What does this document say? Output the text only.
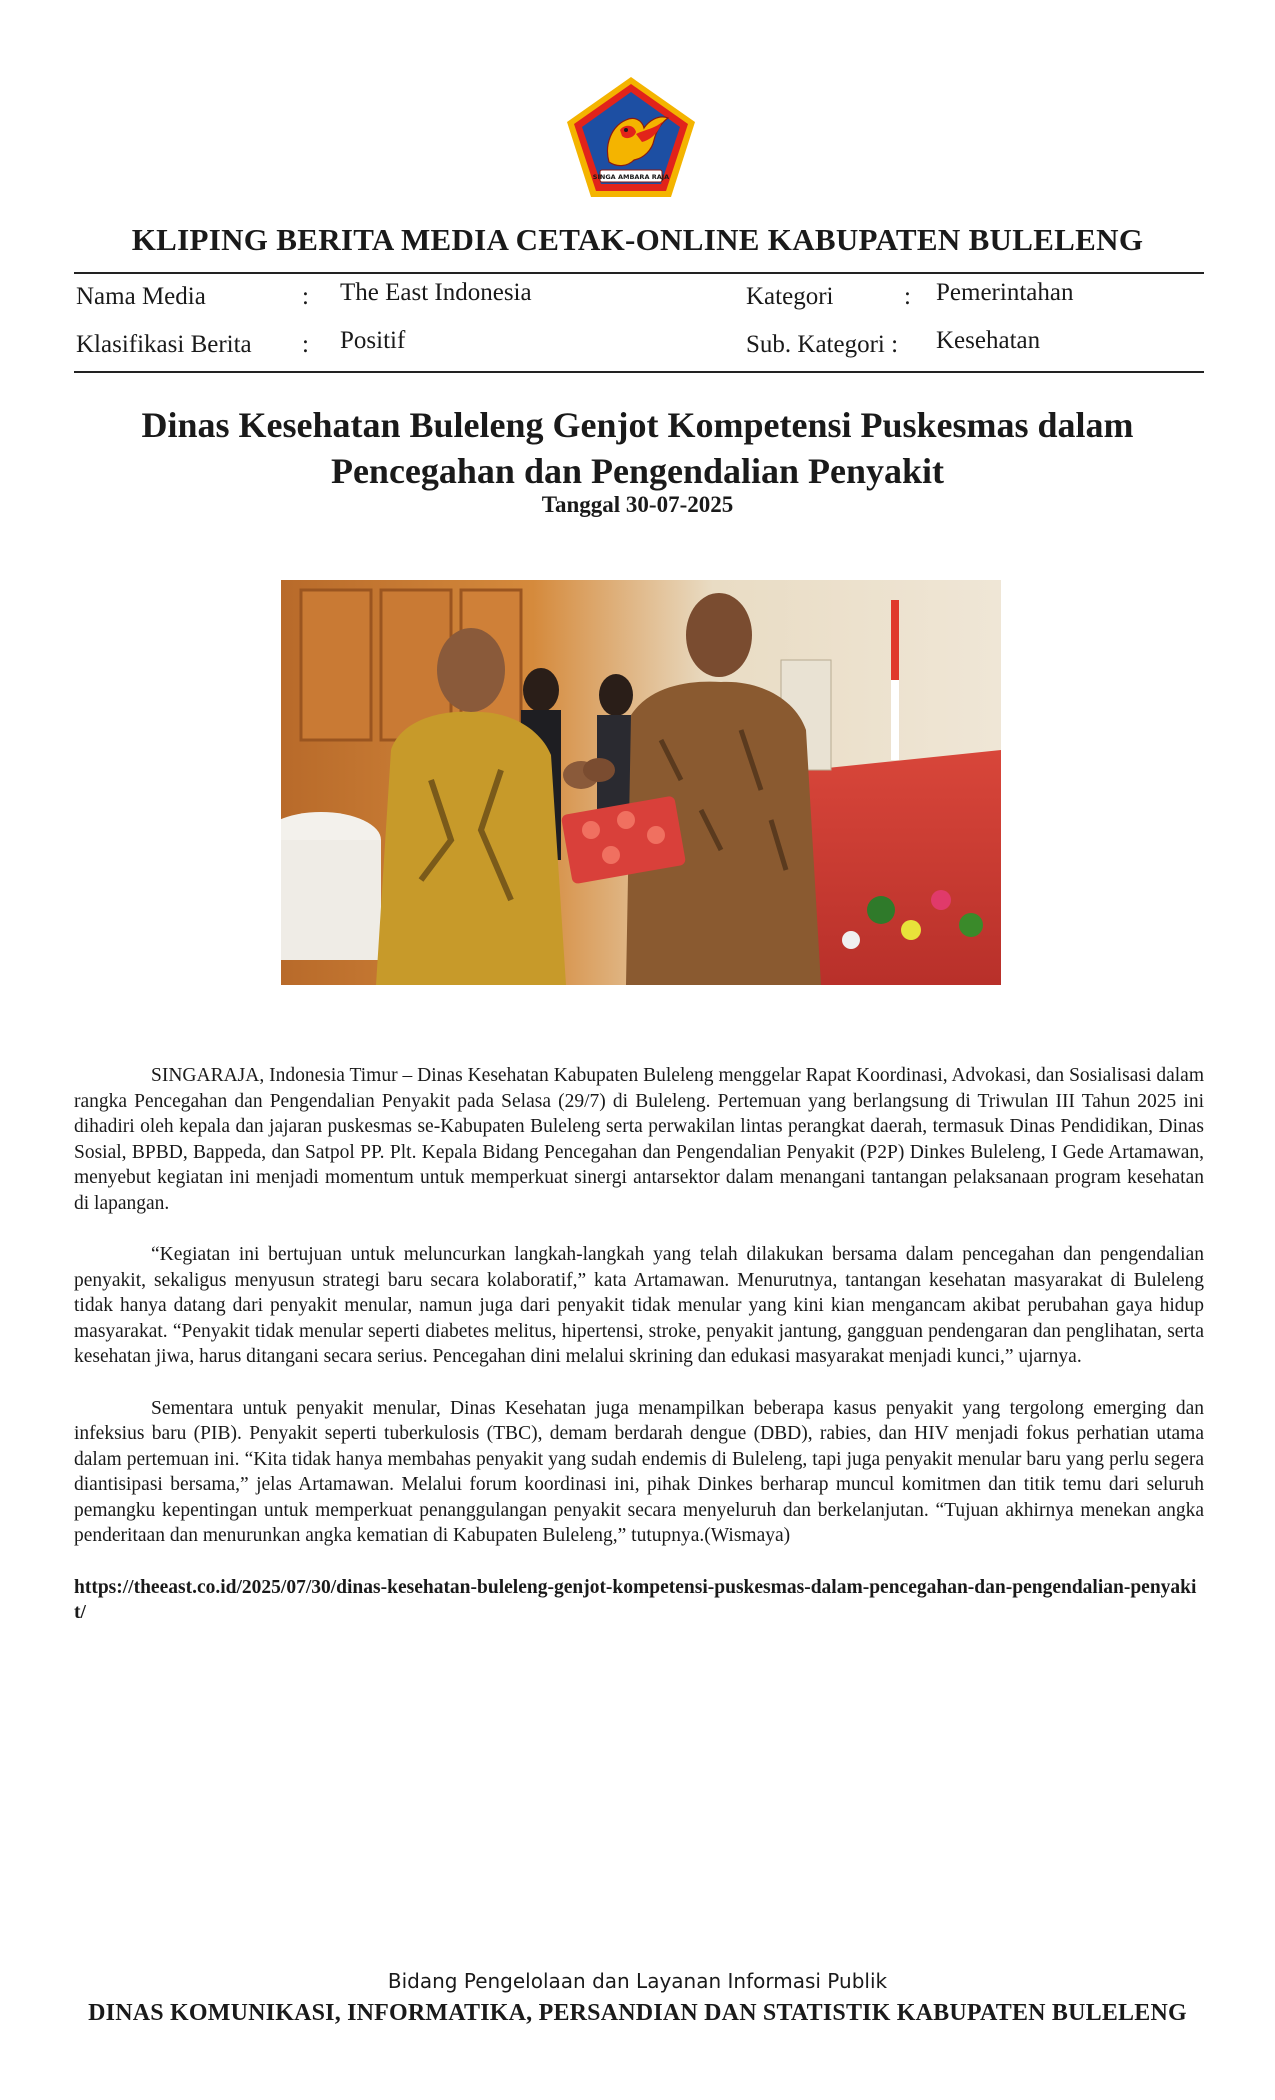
SINGA AMBARA RAJA
KLIPING BERITA MEDIA CETAK-ONLINE KABUPATEN BULELENG
Nama Media	: The East Indonesia	Kategori	: Pemerintahan
Klasifikasi Berita : Positif	Sub. Kategori : Kesehatan
Dinas Kesehatan Buleleng Genjot Kompetensi Puskesmas dalam
Pencegahan dan Pengendalian Penyakit
Tanggal 30-07-2025

SINGARAJA, Indonesia Timur – Dinas Kesehatan Kabupaten Buleleng menggelar Rapat Koordinasi, Advokasi, dan Sosialisasi dalam rangka Pencegahan dan Pengendalian Penyakit pada Selasa (29/7) di Buleleng. Pertemuan yang berlangsung di Triwulan III Tahun 2025 ini dihadiri oleh kepala dan jajaran puskesmas se-Kabupaten Buleleng serta perwakilan lintas perangkat daerah, termasuk Dinas Pendidikan, Dinas Sosial, BPBD, Bappeda, dan Satpol PP. Plt. Kepala Bidang Pencegahan dan Pengendalian Penyakit (P2P) Dinkes Buleleng, I Gede Artamawan, menyebut kegiatan ini menjadi momentum untuk memperkuat sinergi antarsektor dalam menangani tantangan pelaksanaan program kesehatan di lapangan.

“Kegiatan ini bertujuan untuk meluncurkan langkah-langkah yang telah dilakukan bersama dalam pencegahan dan pengendalian penyakit, sekaligus menyusun strategi baru secara kolaboratif,” kata Artamawan. Menurutnya, tantangan kesehatan masyarakat di Buleleng tidak hanya datang dari penyakit menular, namun juga dari penyakit tidak menular yang kini kian mengancam akibat perubahan gaya hidup masyarakat. “Penyakit tidak menular seperti diabetes melitus, hipertensi, stroke, penyakit jantung, gangguan pendengaran dan penglihatan, serta kesehatan jiwa, harus ditangani secara serius. Pencegahan dini melalui skrining dan edukasi masyarakat menjadi kunci,” ujarnya.

Sementara untuk penyakit menular, Dinas Kesehatan juga menampilkan beberapa kasus penyakit yang tergolong emerging dan infeksius baru (PIB). Penyakit seperti tuberkulosis (TBC), demam berdarah dengue (DBD), rabies, dan HIV menjadi fokus perhatian utama dalam pertemuan ini. “Kita tidak hanya membahas penyakit yang sudah endemis di Buleleng, tapi juga penyakit menular baru yang perlu segera diantisipasi bersama,” jelas Artamawan. Melalui forum koordinasi ini, pihak Dinkes berharap muncul komitmen dan titik temu dari seluruh pemangku kepentingan untuk memperkuat penanggulangan penyakit secara menyeluruh dan berkelanjutan. “Tujuan akhirnya menekan angka penderitaan dan menurunkan angka kematian di Kabupaten Buleleng,” tutupnya.(Wismaya)

https://theeast.co.id/2025/07/30/dinas-kesehatan-buleleng-genjot-kompetensi-puskesmas-dalam-pencegahan-dan-pengendalian-penyakit/

Bidang Pengelolaan dan Layanan Informasi Publik
DINAS KOMUNIKASI, INFORMATIKA, PERSANDIAN DAN STATISTIK KABUPATEN BULELENG
